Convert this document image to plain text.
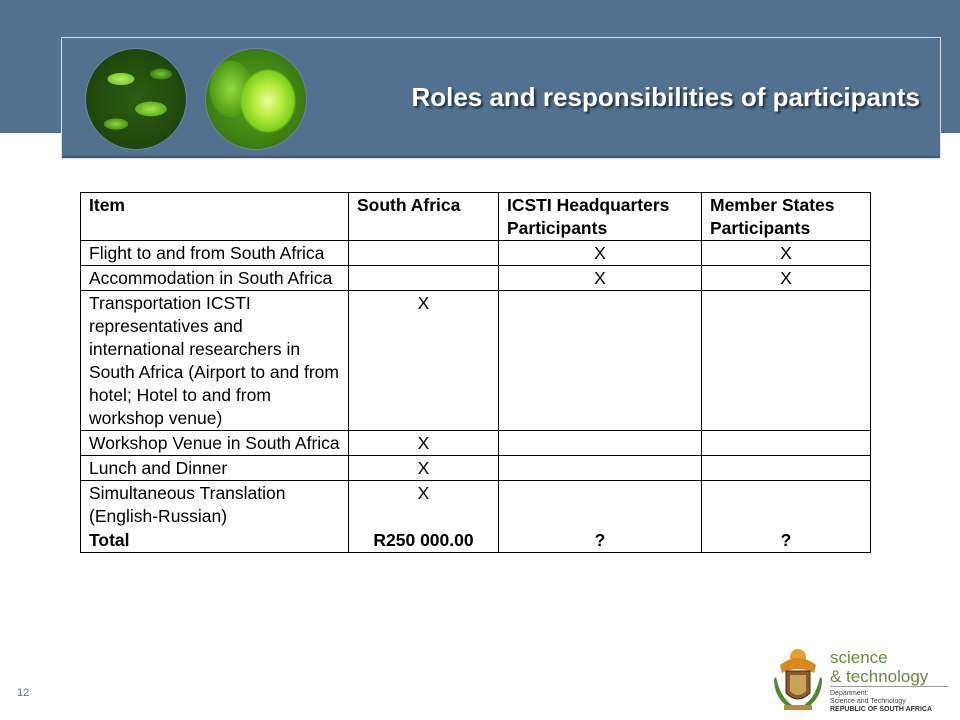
Roles and responsibilities of participants
Item	South Africa	ICSTI Headquarters Participants	Member States Participants
Flight to and from South Africa		X	X
Accommodation in South Africa		X	X
Transportation ICSTI representatives and international researchers in South Africa (Airport to and from hotel; Hotel to and from workshop venue)	X		
Workshop Venue in South Africa	X		
Lunch and Dinner	X		
Simultaneous Translation (English-Russian)	X		
Total	R250 000.00	?	?
12
science
& technology
Department:
Science and Technology
REPUBLIC OF SOUTH AFRICA
